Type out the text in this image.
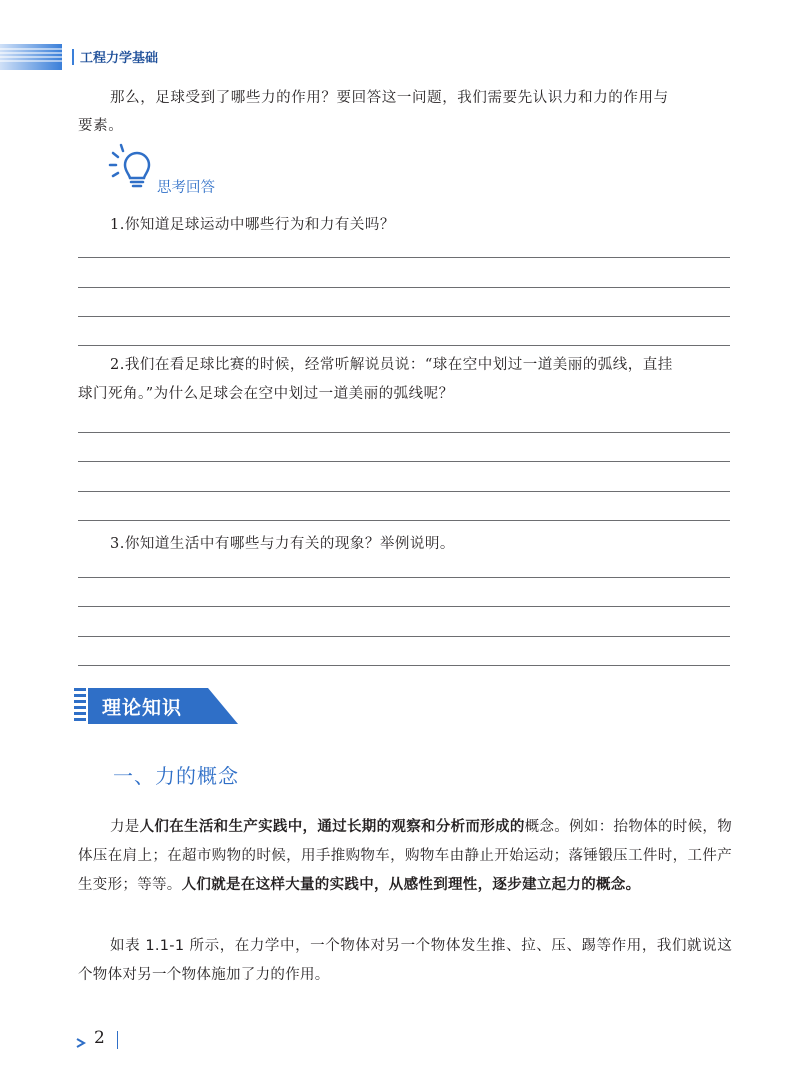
工程力学基础
那么，足球受到了哪些力的作用？要回答这一问题，我们需要先认识力和力的作用与
要素。
思考回答
1.你知道足球运动中哪些行为和力有关吗？
2.我们在看足球比赛的时候，经常听解说员说：“球在空中划过一道美丽的弧线，直挂
球门死角。”为什么足球会在空中划过一道美丽的弧线呢？
3.你知道生活中有哪些与力有关的现象？举例说明。
理论知识
一、力的概念
力是人们在生活和生产实践中，通过长期的观察和分析而形成的概念。例如：抬物体的时候，物体压在肩上；在超市购物的时候，用手推购物车，购物车由静止开始运动；落锤锻压工件时，工件产生变形；等等。人们就是在这样大量的实践中，从感性到理性，逐步建立起力的概念。
如表 1.1-1 所示，在力学中，一个物体对另一个物体发生推、拉、压、踢等作用，我们就说这个物体对另一个物体施加了力的作用。
2
